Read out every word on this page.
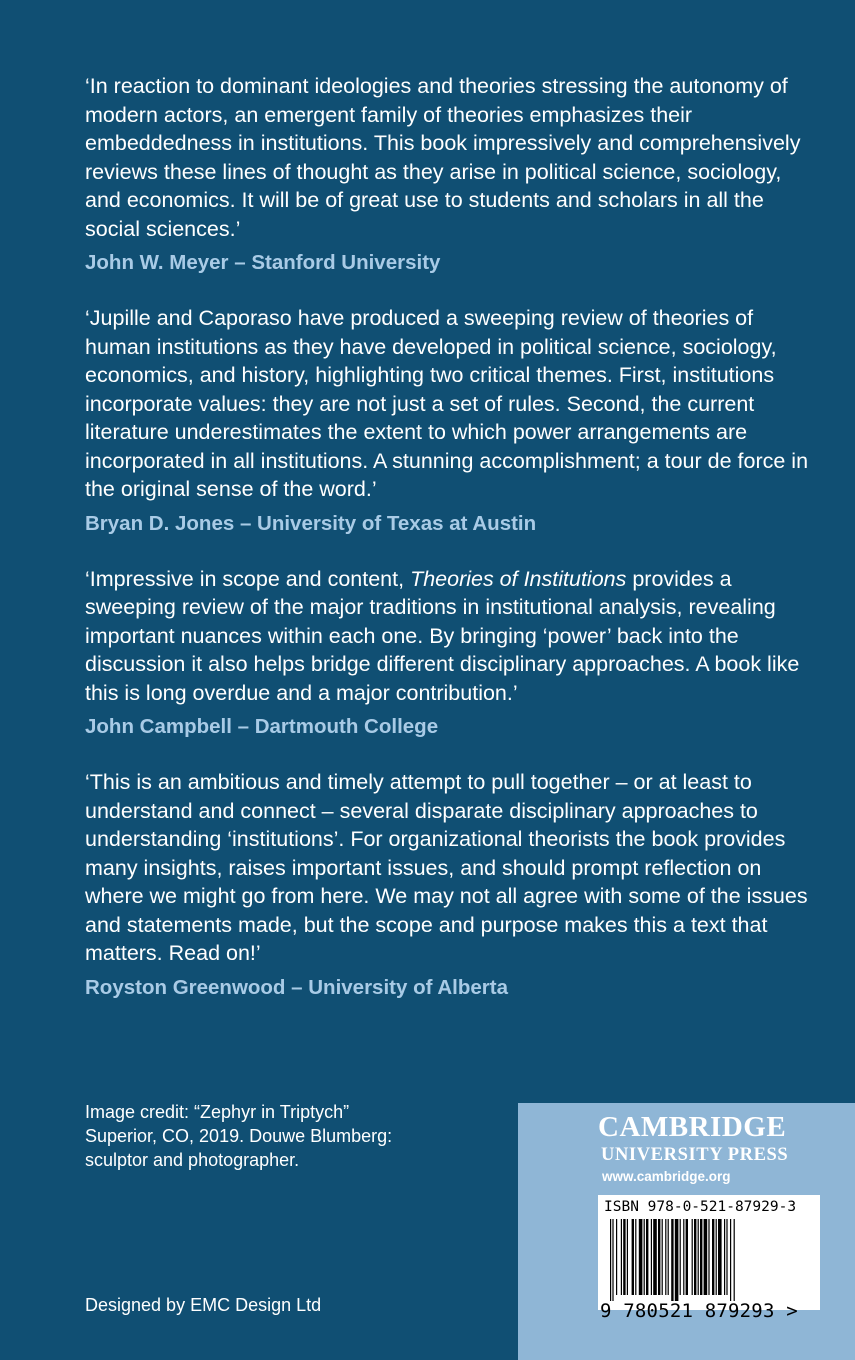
‘In reaction to dominant ideologies and theories stressing the autonomy of modern actors, an emergent family of theories emphasizes their embeddedness in institutions. This book impressively and comprehensively reviews these lines of thought as they arise in political science, sociology, and economics. It will be of great use to students and scholars in all the social sciences.’

John W. Meyer – Stanford University

‘Jupille and Caporaso have produced a sweeping review of theories of human institutions as they have developed in political science, sociology, economics, and history, highlighting two critical themes. First, institutions incorporate values: they are not just a set of rules. Second, the current literature underestimates the extent to which power arrangements are incorporated in all institutions. A stunning accomplishment; a tour de force in the original sense of the word.’

Bryan D. Jones – University of Texas at Austin

‘Impressive in scope and content, Theories of Institutions provides a sweeping review of the major traditions in institutional analysis, revealing important nuances within each one. By bringing ‘power’ back into the discussion it also helps bridge different disciplinary approaches. A book like this is long overdue and a major contribution.’

John Campbell – Dartmouth College

‘This is an ambitious and timely attempt to pull together – or at least to understand and connect – several disparate disciplinary approaches to understanding ‘institutions’. For organizational theorists the book provides many insights, raises important issues, and should prompt reflection on where we might go from here. We may not all agree with some of the issues and statements made, but the scope and purpose makes this a text that matters. Read on!’

Royston Greenwood – University of Alberta
Image credit: “Zephyr in Triptych”
Superior, CO, 2019. Douwe Blumberg:
sculptor and photographer.
Designed by EMC Design Ltd
CAMBRIDGE
UNIVERSITY PRESS
www.cambridge.org
ISBN 978-0-521-87929-3
9 780521 879293 >
